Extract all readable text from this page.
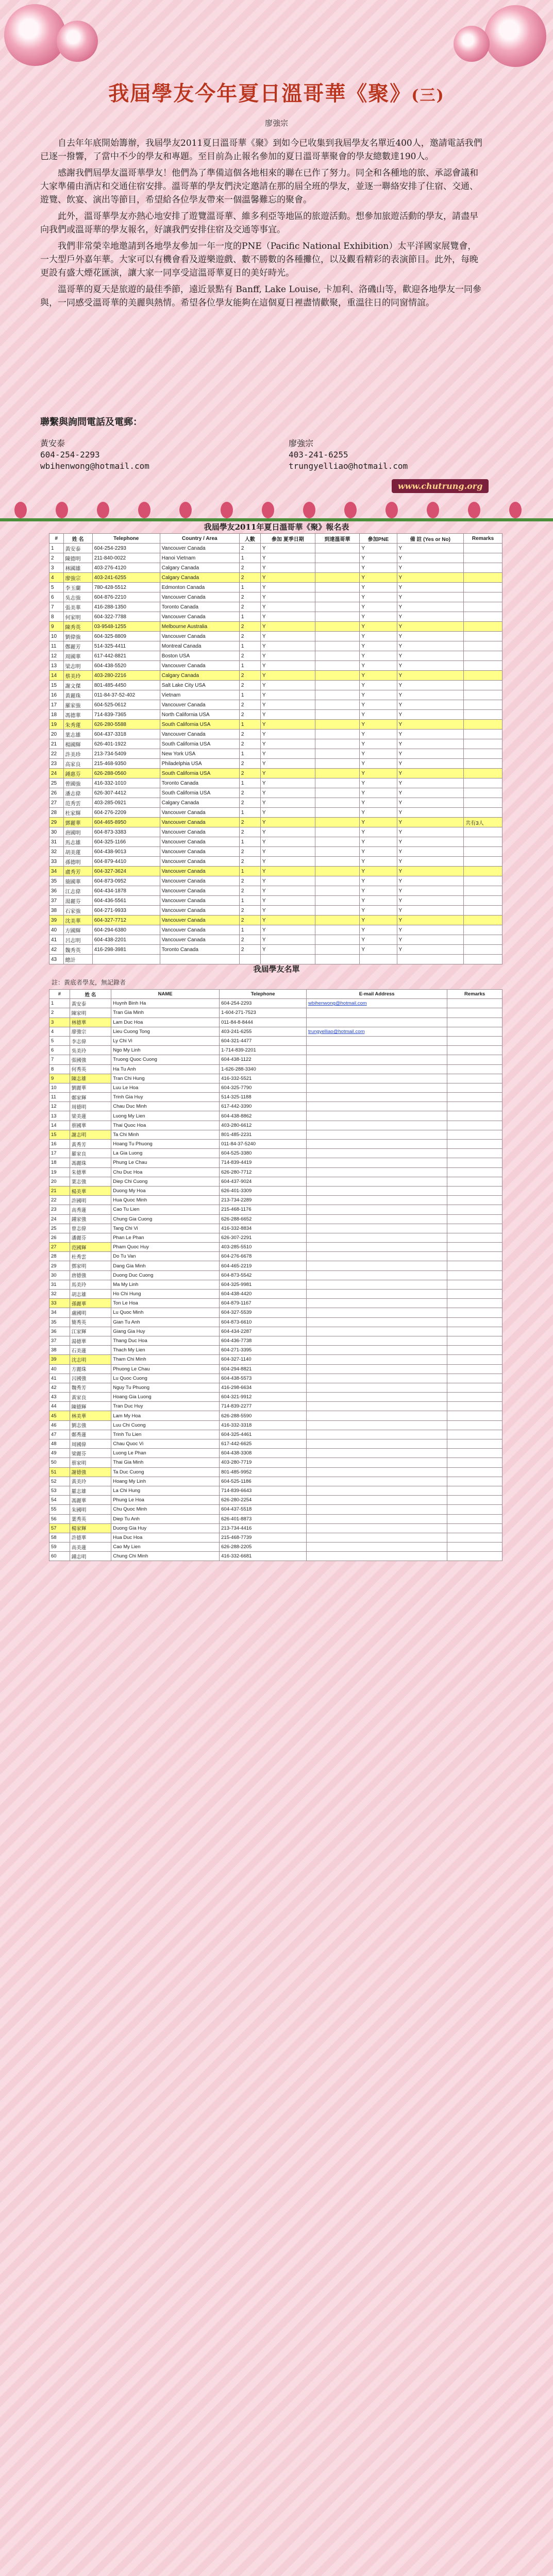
我屆學友今年夏日溫哥華《聚》(三)
廖強宗

自去年年底開始籌辦，我屆學友2011夏日溫哥華《聚》到如今已收集到我屆學友名單近400人，邀請電話我們已逐一撥響，了當中不少的學友和專題。至目前為止報名參加的夏日溫哥華聚會的學友總數達190人。

感謝我們屆學友溫哥華學友！他們為了準備這個各地相來的聯在已作了努力。同全和各種地的旅、承認會議和大家準備由酒店和交通住宿安排。溫哥華的學友們決定邀請在那的屆全班的學友，並逐一聯絡安排了住宿、交通、遊覽、飲宴、演出等節目，希望給各位學友帶來一個溫馨難忘的聚會。

此外，溫哥華學友亦熱心地安排了遊覽溫哥華、維多利亞等地區的旅遊活動。想參加旅遊活動的學友，請盡早向我們或溫哥華的學友報名，好讓我們安排住宿及交通等事宜。

我們非常榮幸地邀請到各地學友參加一年一度的PNE（Pacific National Exhibition）太平洋國家展覽會，一大型戶外嘉年華。大家可以有機會看及遊樂遊戲、數不勝數的各種攤位，以及觀看精彩的表演節目。此外，每晚更設有盛大煙花匯演，讓大家一同享受這溫哥華夏日的美好時光。

溫哥華的夏天是旅遊的最佳季節，遠近景點有 Banff, Lake Louise, 卡加利、洛磯山等，歡迎各地學友一同參與，一同感受溫哥華的美麗與熱情。希望各位學友能夠在這個夏日裡盡情歡聚，重溫往日的同窗情誼。

聯繫與詢問電話及電郵：
黃安泰
604-254-2293
wbihenwong@hotmail.com
廖強宗
403-241-6255
trungyelliao@hotmail.com
www.chutrung.org
我屆學友2011年夏日溫哥華《聚》報名表
#	姓 名	Telephone	Country / Area	人數	參加 夏季日期	到達溫哥華	參加PNE	備 註 (Yes or No)	Remarks
1	黃安泰	604-254-2293	Vancouver Canada	2	Y		Y	Y	
2	陳德明	211-840-0022	Hanoi Vietnam	1	Y		Y	Y	
3	林國雄	403-276-4120	Calgary Canada	2	Y		Y	Y	
4	廖強宗	403-241-6255	Calgary Canada	2	Y		Y	Y	
5	李玉蘭	780-428-5512	Edmonton Canada	1	Y		Y	Y	
6	吳志強	604-876-2210	Vancouver Canada	2	Y		Y	Y	
7	張美華	416-288-1350	Toronto Canada	2	Y		Y	Y	
8	何家明	604-322-7788	Vancouver Canada	1	Y		Y	Y	
9	陳秀英	03-9548-1255	Melbourne Australia	2	Y		Y	Y	
10	劉偉強	604-325-8809	Vancouver Canada	2	Y		Y	Y	
11	鄭麗芳	514-325-4411	Montreal Canada	1	Y		Y	Y	
12	周國華	617-442-8821	Boston USA	2	Y		Y	Y	
13	梁志明	604-438-5520	Vancouver Canada	1	Y		Y	Y	
14	蔡美玲	403-280-2216	Calgary Canada	2	Y		Y	Y	
15	謝文傑	801-485-4450	Salt Lake City USA	2	Y		Y	Y	
16	黃麗珠	011-84-37-52-402	Vietnam	1	Y		Y	Y	
17	羅家強	604-525-0612	Vancouver Canada	2	Y		Y	Y	
18	馮德華	714-839-7365	North California USA	2	Y		Y	Y	
19	朱秀蓮	626-280-5588	South California USA	1	Y		Y	Y	
20	葉志雄	604-437-3318	Vancouver Canada	2	Y		Y	Y	
21	楊國輝	626-401-1922	South California USA	2	Y		Y	Y	
22	許美珍	213-734-5409	New York USA	1	Y		Y	Y	
23	高家良	215-468-9350	Philadelphia USA	2	Y		Y	Y	
24	鍾惠芬	626-288-0560	South California USA	2	Y		Y	Y	
25	曾國強	416-332-1010	Toronto Canada	1	Y		Y	Y	
26	潘志偉	626-307-4412	South California USA	2	Y		Y	Y	
27	范秀雲	403-285-0921	Calgary Canada	2	Y		Y	Y	
28	杜家輝	604-276-2209	Vancouver Canada	1	Y		Y	Y	
29	鄧麗華	604-465-8950	Vancouver Canada	2	Y		Y	Y	共有3人
30	唐國明	604-873-3383	Vancouver Canada	2	Y		Y	Y	
31	馬志雄	604-325-1166	Vancouver Canada	1	Y		Y	Y	
32	胡美蓮	604-438-9013	Vancouver Canada	2	Y		Y	Y	
33	孫德明	604-879-4410	Vancouver Canada	2	Y		Y	Y	
34	盧秀芳	604-327-3624	Vancouver Canada	1	Y		Y	Y	
35	簡國華	604-873-0952	Vancouver Canada	2	Y		Y	Y	
36	江志偉	604-434-1878	Vancouver Canada	2	Y		Y	Y	
37	湯麗芬	604-436-5561	Vancouver Canada	1	Y		Y	Y	
38	石家強	604-271-9933	Vancouver Canada	2	Y		Y	Y	
39	沈美華	604-327-7712	Vancouver Canada	2	Y		Y	Y	
40	方國輝	604-294-6380	Vancouver Canada	1	Y		Y	Y	
41	呂志明	604-438-2201	Vancouver Canada	2	Y		Y	Y	
42	魏秀英	416-298-3981	Toronto Canada	2	Y		Y	Y	
43	總計								
我屆學友名單
註：黃底者學友，無記錄者
#	姓 名	NAME	Telephone	E-mail Address	Remarks
1	黃安泰	Huynh Binh Ha	604-254-2293	wbihenwong@hotmail.com	
2	陳家明	Tran Gia Minh	1-604-271-7523		
3	林德華	Lam Duc Hoa	011-84-8-8444		
4	廖強宗	Lieu Cuong Tong	403-241-6255	trungyelliao@hotmail.com	
5	李志偉	Ly Chi Vi	604-321-4477		
6	吳美玲	Ngo My Linh	1-714-839-2201		
7	張國強	Truong Quoc Cuong	604-438-1122		
8	何秀英	Ha Tu Anh	1-626-288-3340		
9	陳志雄	Tran Chi Hung	416-332-5521		
10	劉麗華	Luu Le Hoa	604-325-7790		
11	鄭家輝	Trinh Gia Huy	514-325-1188		
12	周德明	Chau Duc Minh	617-442-3390		
13	梁美蓮	Luong My Lien	604-438-8862		
14	蔡國華	Thai Quoc Hoa	403-280-6612		
15	謝志明	Ta Chi Minh	801-485-2231		
16	黃秀芳	Hoang Tu Phuong	011-84-37-5240		
17	羅家良	La Gia Luong	604-525-3380		
18	馮麗珠	Phung Le Chau	714-839-4419		
19	朱德華	Chu Duc Hoa	626-280-7712		
20	葉志強	Diep Chi Cuong	604-437-9024		
21	楊美華	Duong My Hoa	626-401-3309		
22	許國明	Hua Quoc Minh	213-734-2289		
23	高秀蓮	Cao Tu Lien	215-468-1176		
24	鍾家強	Chung Gia Cuong	626-288-6652		
25	曾志偉	Tang Chi Vi	416-332-8834		
26	潘麗芬	Phan Le Phan	626-307-2291		
27	范國輝	Pham Quoc Huy	403-285-5510		
28	杜秀雲	Do Tu Van	604-276-6678		
29	鄧家明	Dang Gia Minh	604-465-2219		
30	唐德強	Duong Duc Cuong	604-873-5542		
31	馬美玲	Ma My Linh	604-325-9981		
32	胡志雄	Ho Chi Hung	604-438-4420		
33	孫麗華	Ton Le Hoa	604-879-1167		
34	盧國明	Lu Quoc Minh	604-327-5539		
35	簡秀英	Gian Tu Anh	604-873-6610		
36	江家輝	Giang Gia Huy	604-434-2287		
37	湯德華	Thang Duc Hoa	604-436-7738		
38	石美蓮	Thach My Lien	604-271-3395		
39	沈志明	Tham Chi Minh	604-327-1140		
40	方麗珠	Phuong Le Chau	604-294-8821		
41	呂國強	Lu Quoc Cuong	604-438-5573		
42	魏秀芳	Nguy Tu Phuong	416-298-6634		
43	黃家良	Hoang Gia Luong	604-321-9912		
44	陳德輝	Tran Duc Huy	714-839-2277		
45	林美華	Lam My Hoa	626-288-5590		
46	劉志強	Luu Chi Cuong	416-332-3318		
47	鄭秀蓮	Trinh Tu Lien	604-325-4461		
48	周國偉	Chau Quoc Vi	617-442-6625		
49	梁麗芬	Luong Le Phan	604-438-3308		
50	蔡家明	Thai Gia Minh	403-280-7719		
51	謝德強	Ta Duc Cuong	801-485-9952		
52	黃美玲	Hoang My Linh	604-525-1186		
53	羅志雄	La Chi Hung	714-839-6643		
54	馮麗華	Phung Le Hoa	626-280-2254		
55	朱國明	Chu Quoc Minh	604-437-5518		
56	葉秀英	Diep Tu Anh	626-401-8873		
57	楊家輝	Duong Gia Huy	213-734-4416		
58	許德華	Hua Duc Hoa	215-468-7739		
59	高美蓮	Cao My Lien	626-288-2205		
60	鍾志明	Chung Chi Minh	416-332-6681		
